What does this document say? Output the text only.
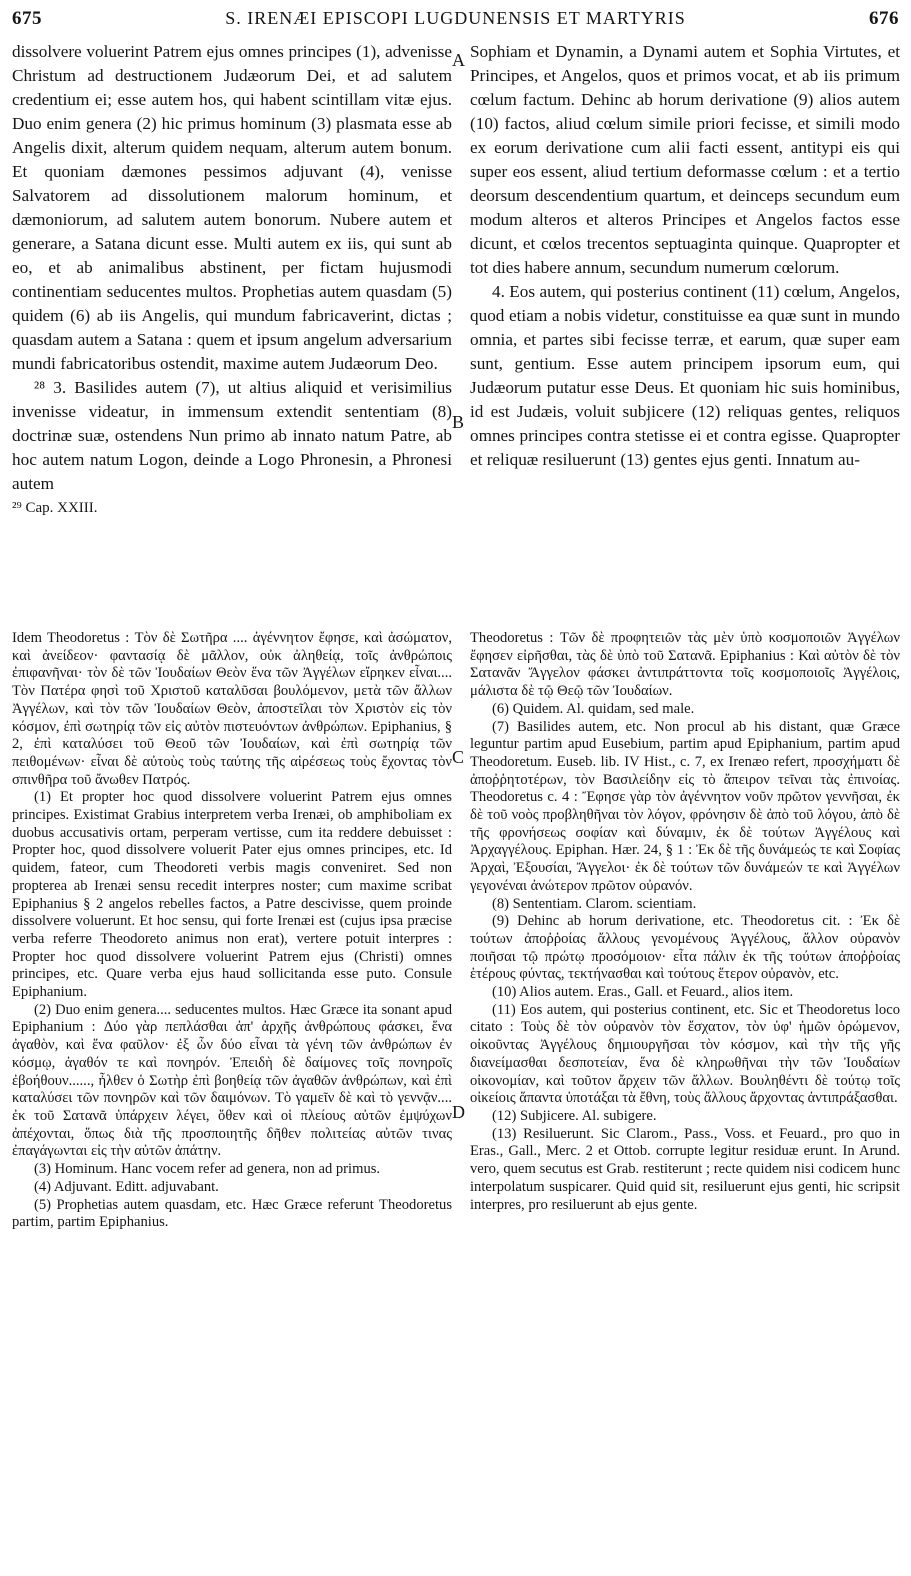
675	S. IRENÆI EPISCOPI LUGDUNENSIS ET MARTYRIS	676
A
B
C
D

dissolvere voluerint Patrem ejus omnes principes (1), advenisse Christum ad destructionem Judæorum Dei, et ad salutem credentium ei; esse autem hos, qui habent scintillam vitæ ejus. Duo enim genera (2) hic primus hominum (3) plasmata esse ab Angelis dixit, alterum quidem nequam, alterum autem bonum. Et quoniam dæmones pessimos adjuvant (4), venisse Salvatorem ad dissolutionem malorum hominum, et dæmoniorum, ad salutem autem bonorum. Nubere autem et generare, a Satana dicunt esse. Multi autem ex iis, qui sunt ab eo, et ab animalibus abstinent, per fictam hujusmodi continentiam seducentes multos. Prophetias autem quasdam (5) quidem (6) ab iis Angelis, qui mundum fabricaverint, dictas ; quasdam autem a Satana : quem et ipsum angelum adversarium mundi fabricatoribus ostendit, maxime autem Judæorum Deo.

²⁸ 3. Basilides autem (7), ut altius aliquid et verisimilius invenisse videatur, in immensum extendit sententiam (8) doctrinæ suæ, ostendens Nun primo ab innato natum Patre, ab hoc autem natum Logon, deinde a Logo Phronesin, a Phronesi autem

²⁹ Cap. XXIII.

Sophiam et Dynamin, a Dynami autem et Sophia Virtutes, et Principes, et Angelos, quos et primos vocat, et ab iis primum cœlum factum. Dehinc ab horum derivatione (9) alios autem (10) factos, aliud cœlum simile priori fecisse, et simili modo ex eorum derivatione cum alii facti essent, antitypi eis qui super eos essent, aliud tertium deformasse cœlum : et a tertio deorsum descendentium quartum, et deinceps secundum eum modum alteros et alteros Principes et Angelos factos esse dicunt, et cœlos trecentos septuaginta quinque. Quapropter et tot dies habere annum, secundum numerum cœlorum.

4. Eos autem, qui posterius continent (11) cœlum, Angelos, quod etiam a nobis videtur, constituisse ea quæ sunt in mundo omnia, et partes sibi fecisse terræ, et earum, quæ super eam sunt, gentium. Esse autem principem ipsorum eum, qui Judæorum putatur esse Deus. Et quoniam hic suis hominibus, id est Judæis, voluit subjicere (12) reliquas gentes, reliquos omnes principes contra stetisse ei et contra egisse. Quapropter et reliquæ resiluerunt (13) gentes ejus genti. Innatum au-

Idem Theodoretus : Τὸν δὲ Σωτῆρα .... ἀγέννητον ἔφησε, καὶ ἀσώματον, καὶ ἀνείδεον· φαντασίᾳ δὲ μᾶλλον, οὐκ ἀληθείᾳ, τοῖς ἀνθρώποις ἐπιφανῆναι· τὸν δὲ τῶν Ἰουδαίων Θεὸν ἕνα τῶν Ἀγγέλων εἴρηκεν εἶναι.... Τὸν Πατέρα φησὶ τοῦ Χριστοῦ καταλῦσαι βουλόμενον, μετὰ τῶν ἄλλων Ἀγγέλων, καὶ τὸν τῶν Ἰουδαίων Θεὸν, ἀποστεῖλαι τὸν Χριστὸν εἰς τὸν κόσμον, ἐπὶ σωτηρίᾳ τῶν εἰς αὐτὸν πιστευόντων ἀνθρώπων. Epiphanius, § 2, ἐπὶ καταλύσει τοῦ Θεοῦ τῶν Ἰουδαίων, καὶ ἐπὶ σωτηρίᾳ τῶν πειθομένων· εἶναι δὲ αὐτοὺς τοὺς ταύτης τῆς αἱρέσεως τοὺς ἔχοντας τὸν σπινθῆρα τοῦ ἄνωθεν Πατρός.

(1) Et propter hoc quod dissolvere voluerint Patrem ejus omnes principes. Existimat Grabius interpretem verba Irenæi, ob amphiboliam ex duobus accusativis ortam, perperam vertisse, cum ita reddere debuisset : Propter hoc, quod dissolvere voluerit Pater ejus omnes principes, etc. Id quidem, fateor, cum Theodoreti verbis magis conveniret. Sed non propterea ab Irenæi sensu recedit interpres noster; cum maxime scribat Epiphanius § 2 angelos rebelles factos, a Patre descivisse, quem proinde dissolvere voluerunt. Et hoc sensu, qui forte Irenæi est (cujus ipsa præcise verba referre Theodoreto animus non erat), vertere potuit interpres : Propter hoc quod dissolvere voluerint Patrem ejus (Christi) omnes principes, etc. Quare verba ejus haud sollicitanda esse puto. Consule Epiphanium.

(2) Duo enim genera.... seducentes multos. Hæc Græce ita sonant apud Epiphanium : Δύο γὰρ πεπλάσθαι ἀπ' ἀρχῆς ἀνθρώπους φάσκει, ἕνα ἀγαθὸν, καὶ ἕνα φαῦλον· ἐξ ὧν δύο εἶναι τὰ γένη τῶν ἀνθρώπων ἐν κόσμῳ, ἀγαθόν τε καὶ πονηρόν. Ἐπειδὴ δὲ δαίμονες τοῖς πονηροῖς ἐβοήθουν......, ἦλθεν ὁ Σωτὴρ ἐπὶ βοηθείᾳ τῶν ἀγαθῶν ἀνθρώπων, καὶ ἐπὶ καταλύσει τῶν πονηρῶν καὶ τῶν δαιμόνων. Τὸ γαμεῖν δὲ καὶ τὸ γεννᾷν.... ἐκ τοῦ Σατανᾶ ὑπάρχειν λέγει, ὅθεν καὶ οἱ πλείους αὐτῶν ἐμψύχων ἀπέχονται, ὅπως διὰ τῆς προσποιητῆς δῆθεν πολιτείας αὐτῶν τινας ἐπαγάγωνται εἰς τὴν αὐτῶν ἀπάτην.

(3) Hominum. Hanc vocem refer ad genera, non ad primus.

(4) Adjuvant. Editt. adjuvabant.

(5) Prophetias autem quasdam, etc. Hæc Græce referunt Theodoretus partim, partim Epiphanius.

Theodoretus : Τῶν δὲ προφητειῶν τὰς μὲν ὑπὸ κοσμοποιῶν Ἀγγέλων ἔφησεν εἰρῆσθαι, τὰς δὲ ὑπὸ τοῦ Σατανᾶ. Epiphanius : Καὶ αὐτὸν δὲ τὸν Σατανᾶν Ἄγγελον φάσκει ἀντιπράττοντα τοῖς κοσμοποιοῖς Ἀγγέλοις, μάλιστα δὲ τῷ Θεῷ τῶν Ἰουδαίων.

(6) Quidem. Al. quidam, sed male.

(7) Basilides autem, etc. Non procul ab his distant, quæ Græce leguntur partim apud Eusebium, partim apud Epiphanium, partim apud Theodoretum. Euseb. lib. IV Hist., c. 7, ex Irenæo refert, προσχήματι δὲ ἀποῤῥητοτέρων, τὸν Βασιλείδην εἰς τὸ ἄπειρον τεῖναι τὰς ἐπινοίας. Theodoretus c. 4 : Ἔφησε γὰρ τὸν ἀγέννητον νοῦν πρῶτον γεννῆσαι, ἐκ δὲ τοῦ νοὸς προβληθῆναι τὸν λόγον, φρόνησιν δὲ ἀπὸ τοῦ λόγου, ἀπὸ δὲ τῆς φρονήσεως σοφίαν καὶ δύναμιν, ἐκ δὲ τούτων Ἀγγέλους καὶ Ἀρχαγγέλους. Epiphan. Hær. 24, § 1 : Ἐκ δὲ τῆς δυνάμεώς τε καὶ Σοφίας Ἀρχαὶ, Ἐξουσίαι, Ἄγγελοι· ἐκ δὲ τούτων τῶν δυνάμεών τε καὶ Ἀγγέλων γεγονέναι ἀνώτερον πρῶτον οὐρανόν.

(8) Sententiam. Clarom. scientiam.

(9) Dehinc ab horum derivatione, etc. Theodoretus cit. : Ἐκ δὲ τούτων ἀποῤῥοίας ἄλλους γενομένους Ἀγγέλους, ἄλλον οὐρανὸν ποιῆσαι τῷ πρώτῳ προσόμοιον· εἶτα πάλιν ἐκ τῆς τούτων ἀποῤῥοίας ἑτέρους φύντας, τεκτήνασθαι καὶ τούτους ἕτερον οὐρανὸν, etc.

(10) Alios autem. Eras., Gall. et Feuard., alios item.

(11) Eos autem, qui posterius continent, etc. Sic et Theodoretus loco citato : Τοὺς δὲ τὸν οὐρανὸν τὸν ἔσχατον, τὸν ὑφ' ἡμῶν ὁρώμενον, οἰκοῦντας Ἀγγέλους δημιουργῆσαι τὸν κόσμον, καὶ τὴν τῆς γῆς διανείμασθαι δεσποτείαν, ἕνα δὲ κληρωθῆναι τὴν τῶν Ἰουδαίων οἰκονομίαν, καὶ τοῦτον ἄρχειν τῶν ἄλλων. Βουληθέντι δὲ τούτῳ τοῖς οἰκείοις ἅπαντα ὑποτάξαι τὰ ἔθνη, τοὺς ἄλλους ἄρχοντας ἀντιπράξασθαι.

(12) Subjicere. Al. subigere.

(13) Resiluerunt. Sic Clarom., Pass., Voss. et Feuard., pro quo in Eras., Gall., Merc. 2 et Ottob. corrupte legitur residuæ erunt. In Arund. vero, quem secutus est Grab. restiterunt ; recte quidem nisi codicem hunc interpolatum suspicarer. Quid quid sit, resiluerunt ejus genti, hic scripsit interpres, pro resiluerunt ab ejus gente.
